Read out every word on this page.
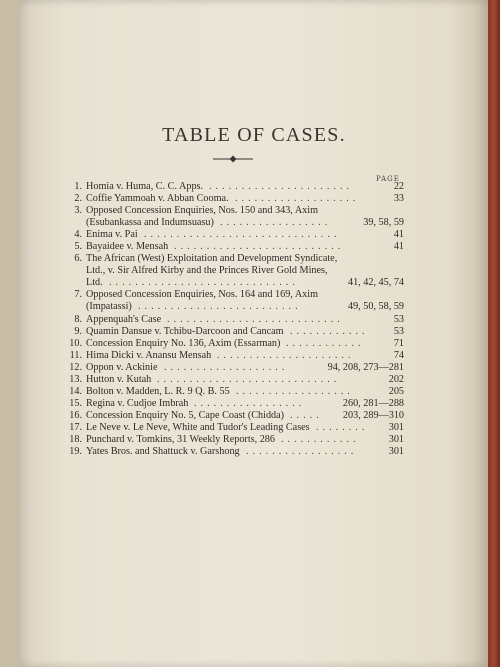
TABLE OF CASES.
PAGE
1. Homia v. Huma, C. C. Apps. ......................	22
2. Coffie Yammoah v. Abban Cooma. ...................	33
3. Opposed Concession Enquiries, Nos. 150 and 343, Axim
(Esubankassa and Indumsuasu) .................	39, 58, 59
4. Enima v. Pai ..............................	41
5. Bayaidee v. Mensah ..........................	41
6. The African (West) Exploitation and Development Syndicate,
Ltd., v. Sir Alfred Kirby and the Princes River Gold Mines,
Ltd. .............................	41, 42, 45, 74
7. Opposed Concession Enquiries, Nos. 164 and 169, Axim
(Impatassi) .........................	49, 50, 58, 59
8. Appenquah's Case ...........................	53
9. Quamin Dansue v. Tchibu-Darcoon and Cancam ............ 53
10. Concession Enquiry No. 136, Axim (Essarman) ............	71
11. Hima Dicki v. Anansu Mensah .....................	74
12. Oppon v. Ackinie ...................	94, 208, 273—281
13. Hutton v. Kutah ............................	202
14. Bolton v. Madden, L. R. 9 Q. B. 55 ..................	205
15. Regina v. Cudjoe Imbrah .................	260, 281—288
16. Concession Enquiry No. 5, Cape Coast (Chidda) ..... 203, 289—310
17. Le Neve v. Le Neve, White and Tudor's Leading Cases ........ 301
18. Punchard v. Tomkins, 31 Weekly Reports, 286 ............	301
19. Yates Bros. and Shattuck v. Garshong .................	301
